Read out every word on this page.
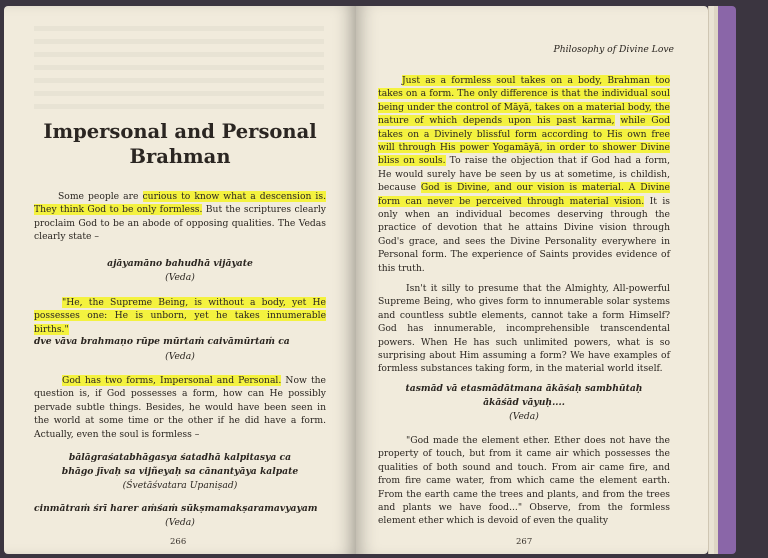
Impersonal and Personal
Brahman
Some people are curious to know what a descension is. They think God to be only formless. But the scriptures clearly proclaim God to be an abode of opposing qualities. The Vedas clearly state –
ajāyamāno bahudhā vijāyate
(Veda)
"He, the Supreme Being, is without a body, yet He possesses one: He is unborn, yet he takes innumerable births."
dve vāva brahmaṇo rūpe mūrtaṁ caivāmūrtaṁ ca
(Veda)
God has two forms, Impersonal and Personal. Now the question is, if God possesses a form, how can He possibly pervade subtle things. Besides, he would have been seen in the world at some time or the other if he did have a form. Actually, even the soul is formless –
bālāgraśatabhāgasya śatadhā kalpitasya ca
bhāgo jīvaḥ sa vijñeyaḥ sa cānantyāya kalpate
(Śvetāśvatara Upaniṣad)
cinmātraṁ śrī harer aṁśaṁ sūkṣmamakṣaramavyayam
(Veda)
266
Philosophy of Divine Love
Just as a formless soul takes on a body, Brahman too takes on a form. The only difference is that the individual soul being under the control of Māyā, takes on a material body, the nature of which depends upon his past karma, while God takes on a Divinely blissful form according to His own free will through His power Yogamāyā, in order to shower Divine bliss on souls. To raise the objection that if God had a form, He would surely have be seen by us at sometime, is childish, because God is Divine, and our vision is material. A Divine form can never be perceived through material vision. It is only when an individual becomes deserving through the practice of devotion that he attains Divine vision through God's grace, and sees the Divine Personality everywhere in Personal form. The experience of Saints provides evidence of this truth.
Isn't it silly to presume that the Almighty, All-powerful Supreme Being, who gives form to innumerable solar systems and countless subtle elements, cannot take a form Himself? God has innumerable, incomprehensible transcendental powers. When He has such unlimited powers, what is so surprising about Him assuming a form? We have examples of formless substances taking form, in the material world itself.
tasmād vā etasmādātmana ākāśaḥ sambhūtaḥ
ākāśād vāyuḥ....
(Veda)
"God made the element ether. Ether does not have the property of touch, but from it came air which possesses the qualities of both sound and touch. From air came fire, and from fire came water, from which came the element earth. From the earth came the trees and plants, and from the trees and plants we have food..." Observe, from the formless element ether which is devoid of even the quality
267
